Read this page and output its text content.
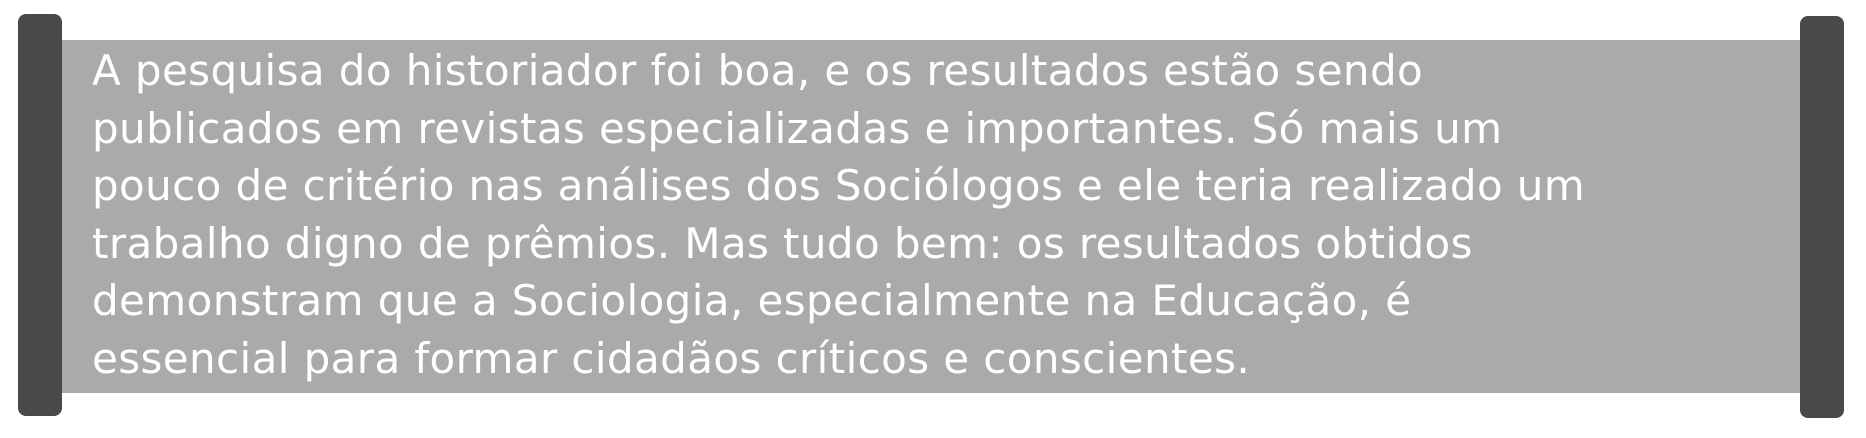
A pesquisa do historiador foi boa, e os resultados estão sendo
publicados em revistas especializadas e importantes. Só mais um
pouco de critério nas análises dos Sociólogos e ele teria realizado um
trabalho digno de prêmios. Mas tudo bem: os resultados obtidos
demonstram que a Sociologia, especialmente na Educação, é
essencial para formar cidadãos críticos e conscientes.
